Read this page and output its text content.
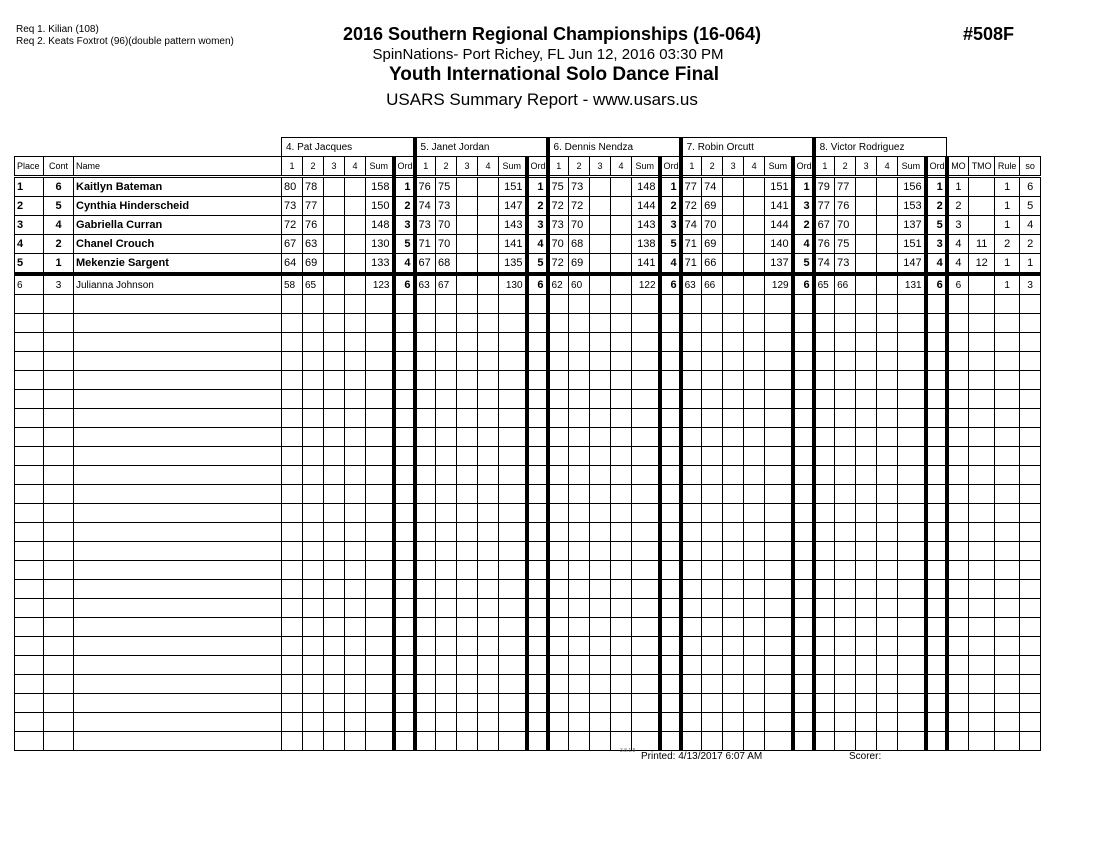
Req 1. Kilian (108)
Req 2. Keats Foxtrot (96)(double pattern women)	2016 Southern Regional Championships (16-064)
SpinNations- Port Richey, FL Jun 12, 2016 03:30 PM
Youth International Solo Dance Final
USARS Summary Report - www.usars.us
#508F
			4. Pat Jacques						5. Janet Jordan						6. Dennis Nendza						7. Robin Orcutt						8. Victor Rodriguez									
Place	Cont	Name	1	2	3	4	Sum	Ord	1	2	3	4	Sum	Ord	1	2	3	4	Sum	Ord	1	2	3	4	Sum	Ord	1	2	3	4	Sum	Ord	MO	TMO	Rule	so
1	6	Kaitlyn Bateman	80	78			158	1	76	75			151	1	75	73			148	1	77	74			151	1	79	77			156	1	1		1	6
2	5	Cynthia Hinderscheid	73	77			150	2	74	73			147	2	72	72			144	2	72	69			141	3	77	76			153	2	2		1	5
3	4	Gabriella Curran	72	76			148	3	73	70			143	3	73	70			143	3	74	70			144	2	67	70			137	5	3		1	4
4	2	Chanel Crouch	67	63			130	5	71	70			141	4	70	68			138	5	71	69			140	4	76	75			151	3	4	11	2	2
5	1	Mekenzie Sargent	64	69			133	4	67	68			135	5	72	69			141	4	71	66			137	5	74	73			147	4	4	12	1	1
6	3	Julianna Johnson	58	65			123	6	63	67			130	6	62	60			122	6	63	66			129	6	65	66			131	6	6		1	3

3.8.1.8 Printed: 4/13/2017 6:07 AM	Scorer:
